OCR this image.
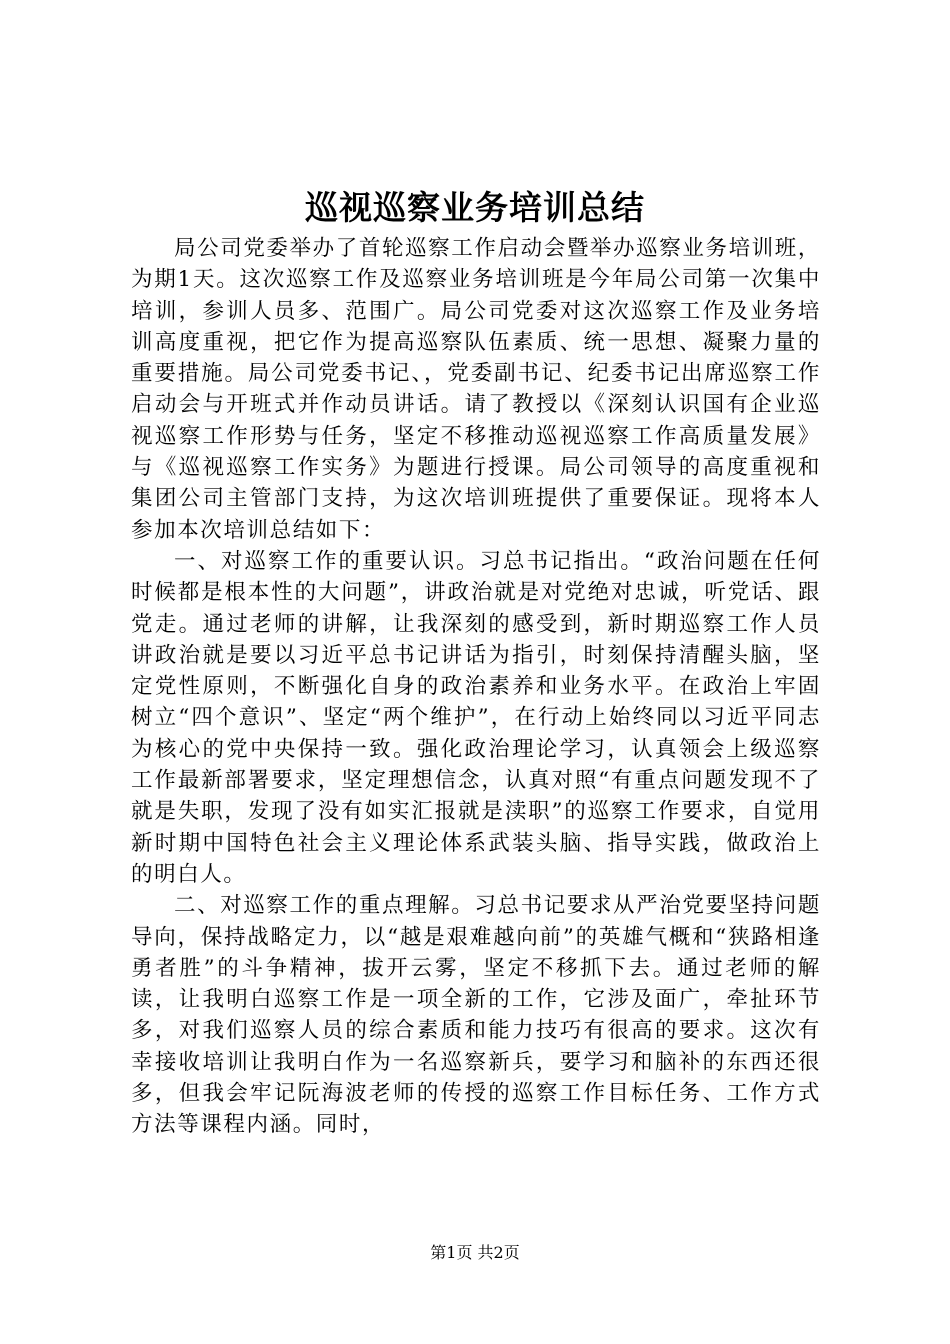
巡视巡察业务培训总结

局公司党委举办了首轮巡察工作启动会暨举办巡察业务培训班，为期1天。这次巡察工作及巡察业务培训班是今年局公司第一次集中培训，参训人员多、范围广。局公司党委对这次巡察工作及业务培训高度重视，把它作为提高巡察队伍素质、统一思想、凝聚力量的重要措施。局公司党委书记、，党委副书记、纪委书记出席巡察工作启动会与开班式并作动员讲话。请了教授以《深刻认识国有企业巡视巡察工作形势与任务，坚定不移推动巡视巡察工作高质量发展》与《巡视巡察工作实务》为题进行授课。局公司领导的高度重视和集团公司主管部门支持，为这次培训班提供了重要保证。现将本人参加本次培训总结如下：

一、对巡察工作的重要认识。习总书记指出。“政治问题在任何时候都是根本性的大问题”，讲政治就是对党绝对忠诚，听党话、跟党走。通过老师的讲解，让我深刻的感受到，新时期巡察工作人员讲政治就是要以习近平总书记讲话为指引，时刻保持清醒头脑，坚定党性原则，不断强化自身的政治素养和业务水平。在政治上牢固树立“四个意识”、坚定“两个维护”，在行动上始终同以习近平同志为核心的党中央保持一致。强化政治理论学习，认真领会上级巡察工作最新部署要求，坚定理想信念，认真对照“有重点问题发现不了就是失职，发现了没有如实汇报就是渎职”的巡察工作要求，自觉用新时期中国特色社会主义理论体系武装头脑、指导实践，做政治上的明白人。

二、对巡察工作的重点理解。习总书记要求从严治党要坚持问题导向，保持战略定力，以“越是艰难越向前”的英雄气概和“狭路相逢勇者胜”的斗争精神，拔开云雾，坚定不移抓下去。通过老师的解读，让我明白巡察工作是一项全新的工作，它涉及面广，牵扯环节多，对我们巡察人员的综合素质和能力技巧有很高的要求。这次有幸接收培训让我明白作为一名巡察新兵，要学习和脑补的东西还很多，但我会牢记阮海波老师的传授的巡察工作目标任务、工作方式方法等课程内涵。同时，

第1页 共2页
